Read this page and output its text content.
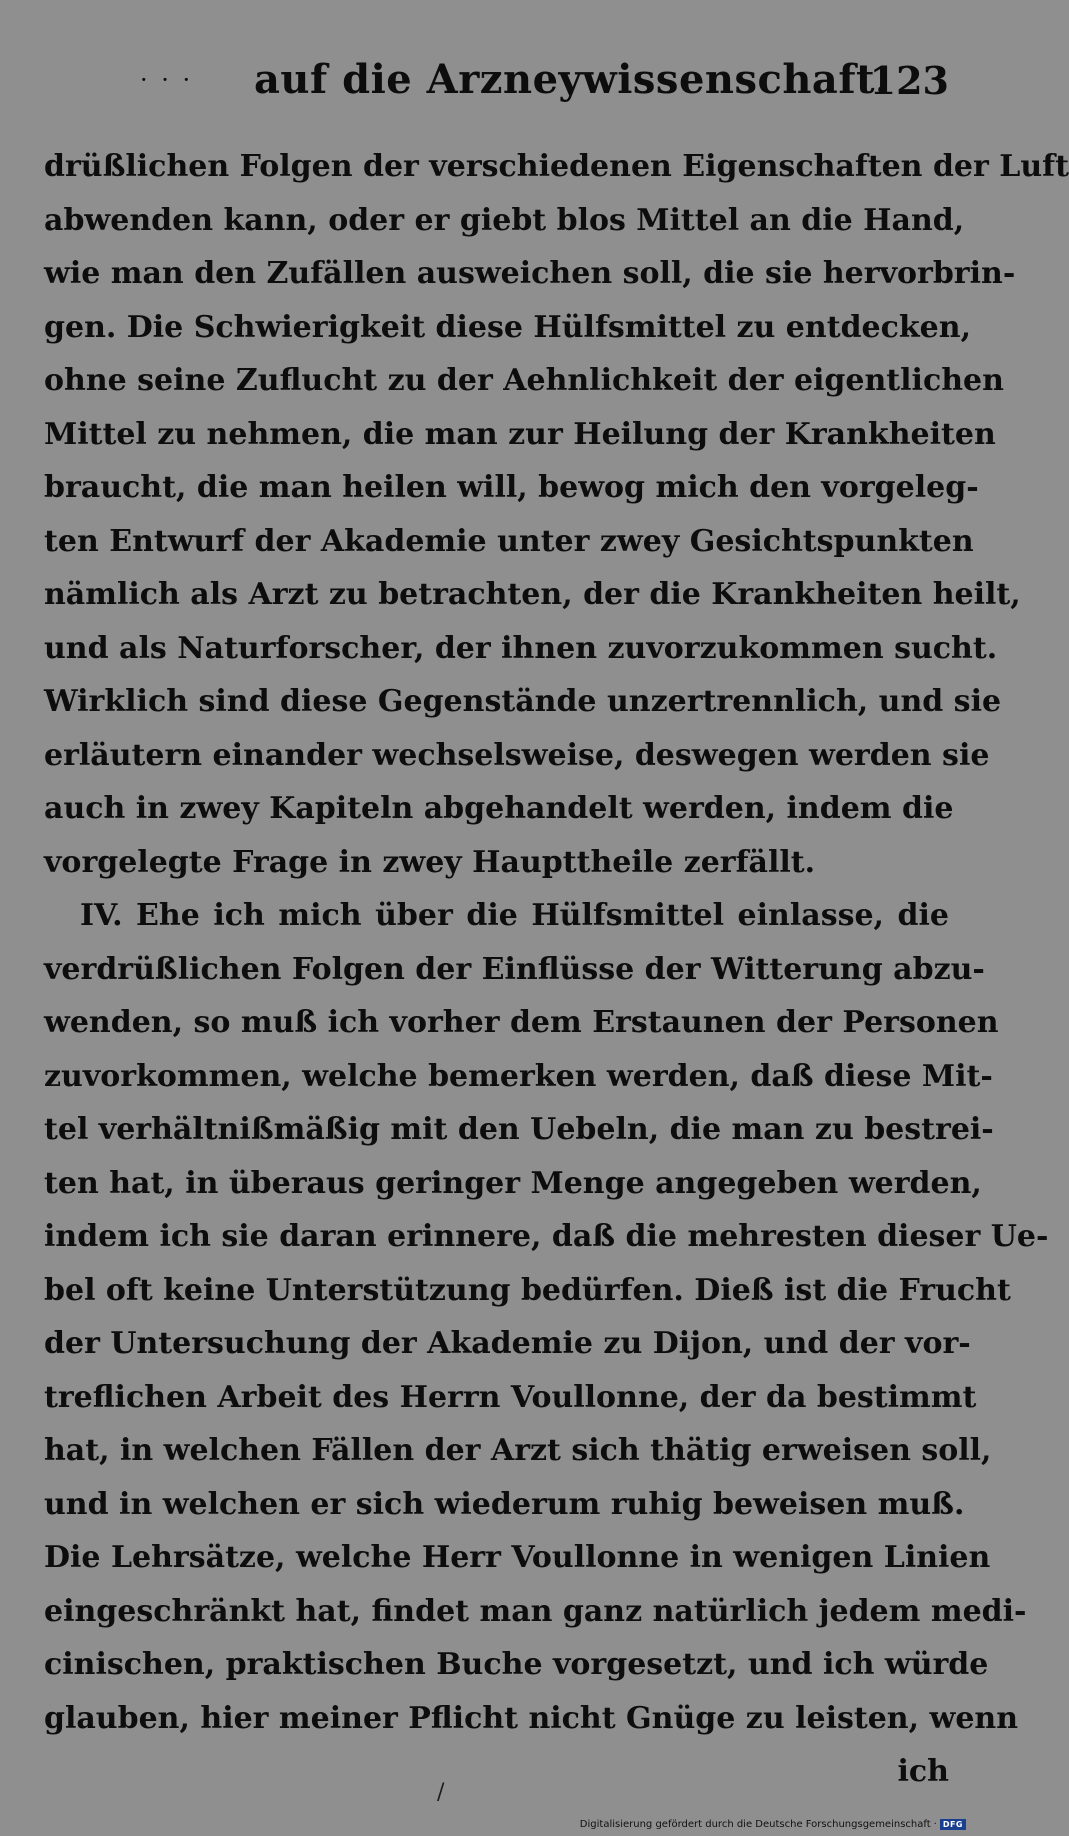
· · · auf die Arzneywissenschaft.
123
drüßlichen Folgen der verschiedenen Eigenschaften der Luft
abwenden kann, oder er giebt blos Mittel an die Hand,
wie man den Zufällen ausweichen soll, die sie hervorbrin-
gen. Die Schwierigkeit diese Hülfsmittel zu entdecken,
ohne seine Zuflucht zu der Aehnlichkeit der eigentlichen
Mittel zu nehmen, die man zur Heilung der Krankheiten
braucht, die man heilen will, bewog mich den vorgeleg-
ten Entwurf der Akademie unter zwey Gesichtspunkten
nämlich als Arzt zu betrachten, der die Krankheiten heilt,
und als Naturforscher, der ihnen zuvorzukommen sucht.
Wirklich sind diese Gegenstände unzertrennlich, und sie
erläutern einander wechselsweise, deswegen werden sie
auch in zwey Kapiteln abgehandelt werden, indem die
vorgelegte Frage in zwey Haupttheile zerfällt.
IV. Ehe ich mich über die Hülfsmittel einlasse, die
verdrüßlichen Folgen der Einflüsse der Witterung abzu-
wenden, so muß ich vorher dem Erstaunen der Personen
zuvorkommen, welche bemerken werden, daß diese Mit-
tel verhältnißmäßig mit den Uebeln, die man zu bestrei-
ten hat, in überaus geringer Menge angegeben werden,
indem ich sie daran erinnere, daß die mehresten dieser Ue-
bel oft keine Unterstützung bedürfen. Dieß ist die Frucht
der Untersuchung der Akademie zu Dijon, und der vor-
treflichen Arbeit des Herrn Voullonne, der da bestimmt
hat, in welchen Fällen der Arzt sich thätig erweisen soll,
und in welchen er sich wiederum ruhig beweisen muß.
Die Lehrsätze, welche Herr Voullonne in wenigen Linien
eingeschränkt hat, findet man ganz natürlich jedem medi-
cinischen, praktischen Buche vorgesetzt, und ich würde
glauben, hier meiner Pflicht nicht Gnüge zu leisten, wenn
ich
/
Digitalisierung gefördert durch die Deutsche Forschungsgemeinschaft · DFG
